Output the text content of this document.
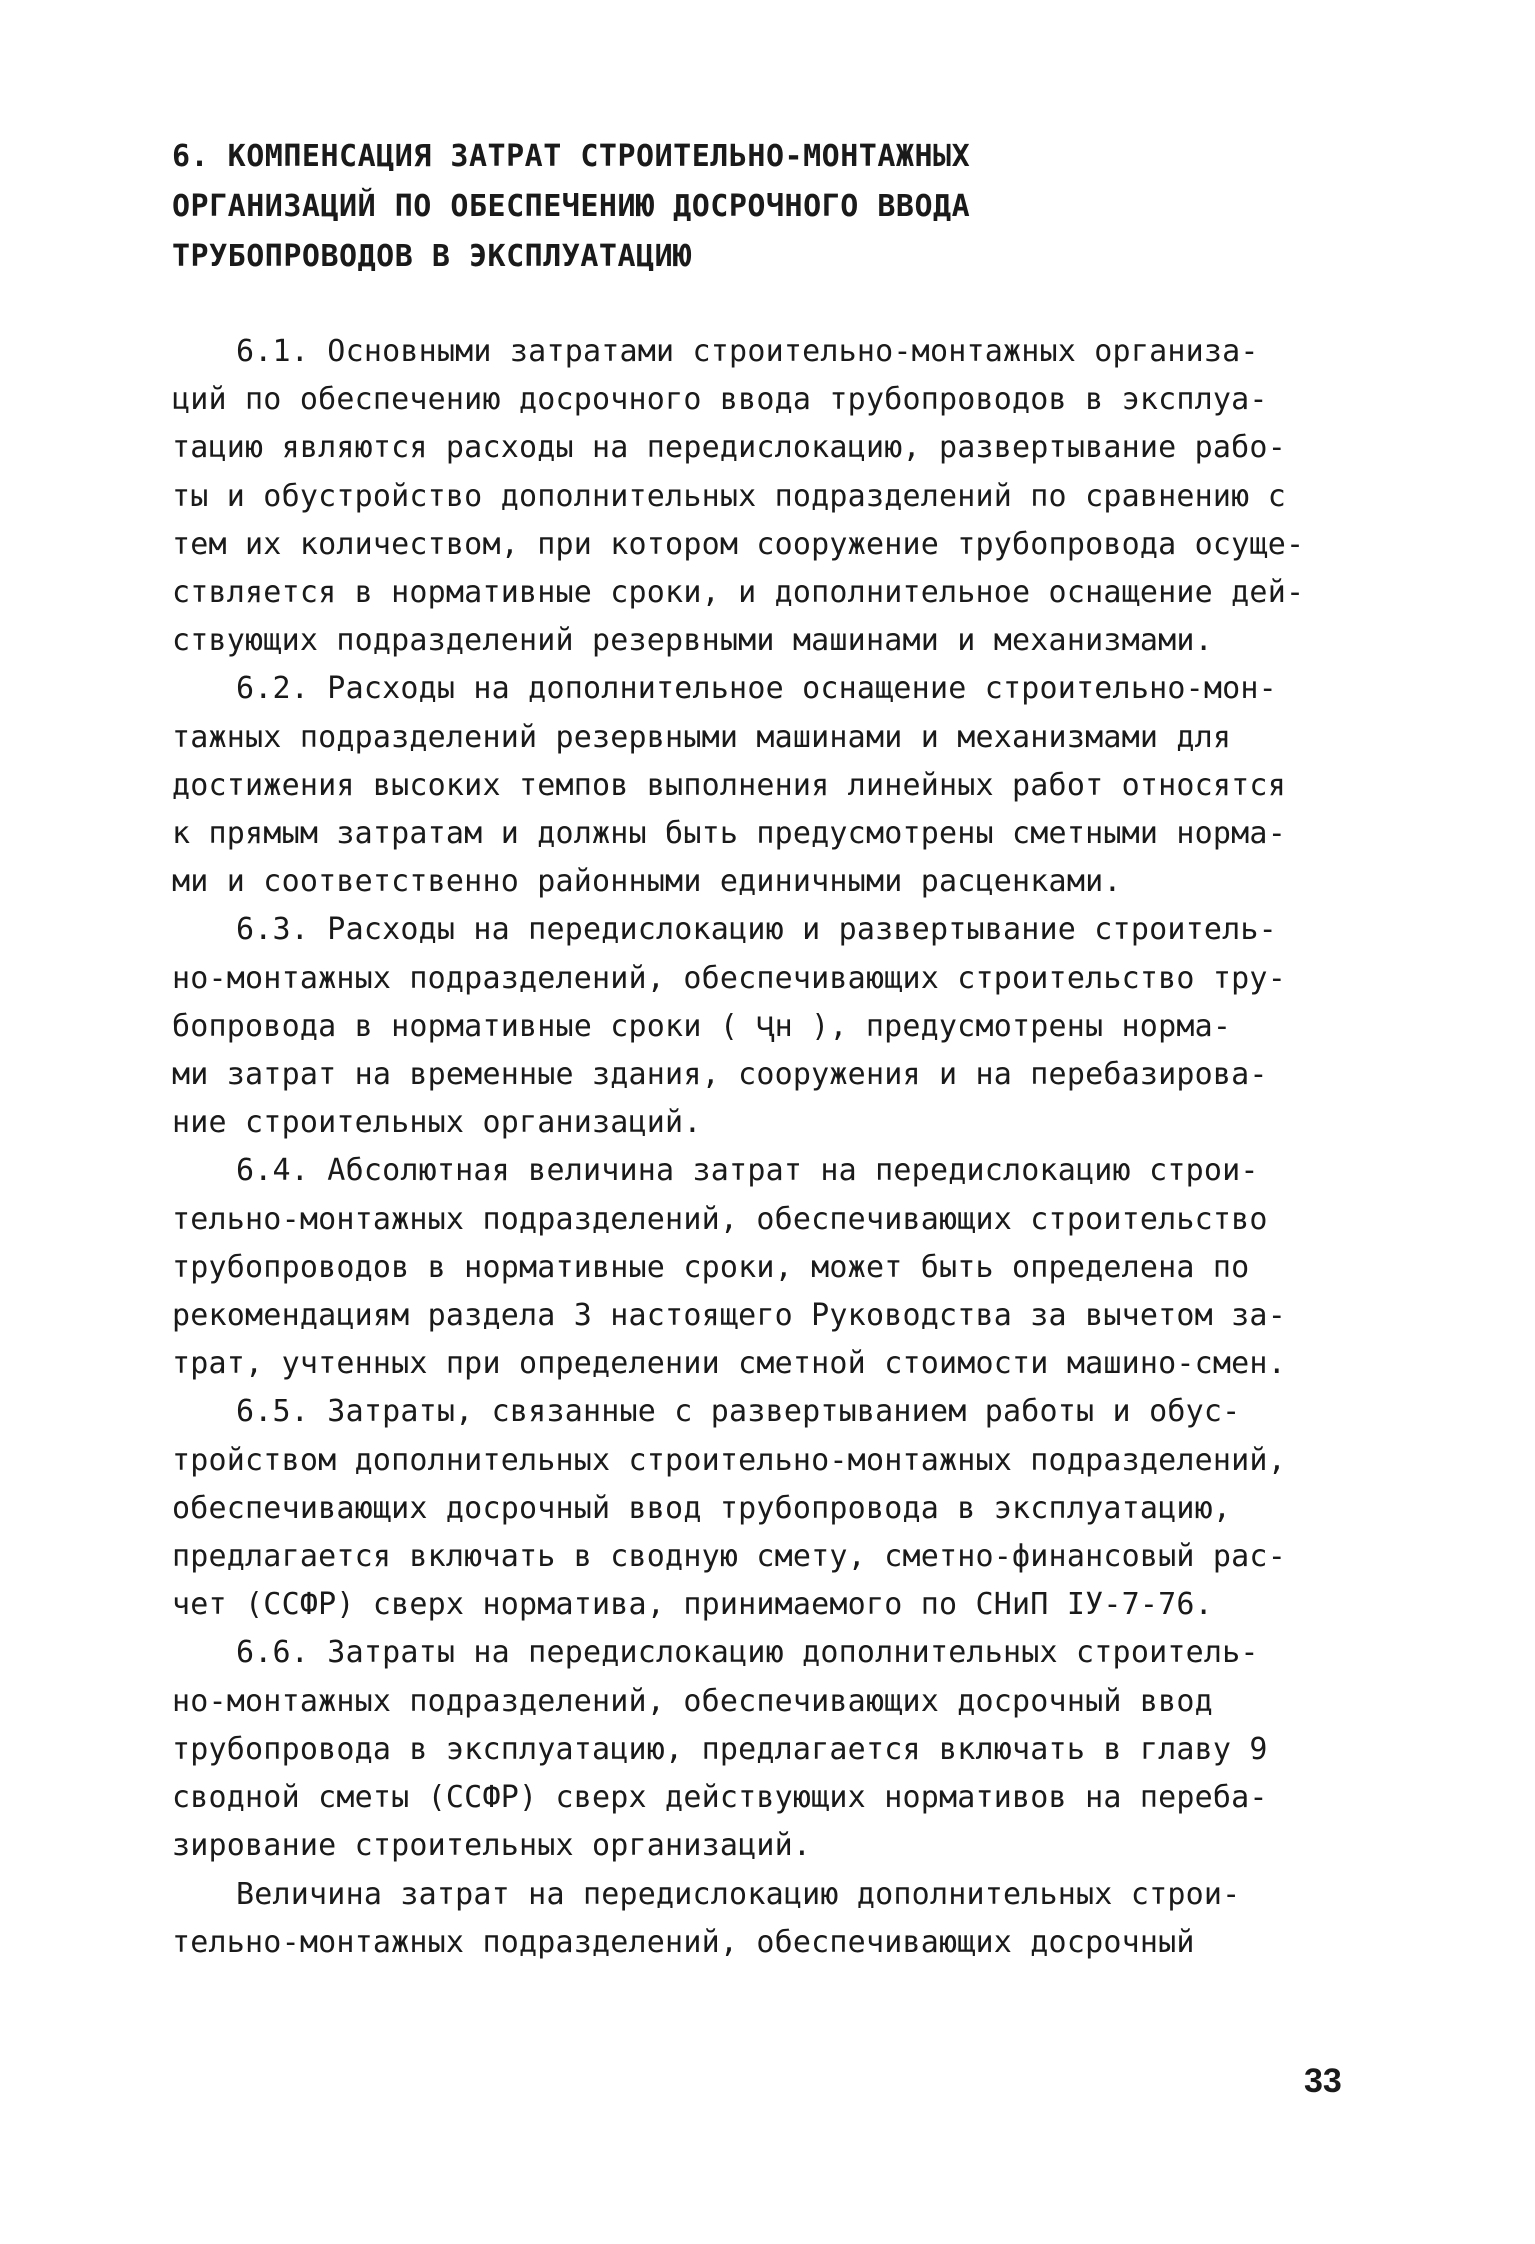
6. КОМПЕНСАЦИЯ ЗАТРАТ СТРОИТЕЛЬНО-МОНТАЖНЫХ
ОРГАНИЗАЦИЙ ПО ОБЕСПЕЧЕНИЮ ДОСРОЧНОГО ВВОДА
ТРУБОПРОВОДОВ В ЭКСПЛУАТАЦИЮ
6.1. Основными затратами строительно-монтажных организа-
ций по обеспечению досрочного ввода трубопроводов в эксплуа-
тацию являются расходы на передислокацию, развертывание рабо-
ты и обустройство дополнительных подразделений по сравнению с
тем их количеством, при котором сооружение трубопровода осуще-
ствляется в нормативные сроки, и дополнительное оснащение дей-
ствующих подразделений резервными машинами и механизмами.
6.2. Расходы на дополнительное оснащение строительно-мон-
тажных подразделений резервными машинами и механизмами для
достижения высоких темпов выполнения линейных работ относятся
к прямым затратам и должны быть предусмотрены сметными норма-
ми и соответственно районными единичными расценками.
6.3. Расходы на передислокацию и развертывание строитель-
но-монтажных подразделений, обеспечивающих строительство тру-
бопровода в нормативные сроки ( Ҷн ), предусмотрены норма-
ми затрат на временные здания, сооружения и на перебазирова-
ние строительных организаций.
6.4. Абсолютная величина затрат на передислокацию строи-
тельно-монтажных подразделений, обеспечивающих строительство
трубопроводов в нормативные сроки, может быть определена по
рекомендациям раздела 3 настоящего Руководства за вычетом за-
трат, учтенных при определении сметной стоимости машино-смен.
6.5. Затраты, связанные с развертыванием работы и обус-
тройством дополнительных строительно-монтажных подразделений,
обеспечивающих досрочный ввод трубопровода в эксплуатацию,
предлагается включать в сводную смету, сметно-финансовый рас-
чет (ССФР) сверх норматива, принимаемого по СНиП IУ-7-76.
6.6. Затраты на передислокацию дополнительных строитель-
но-монтажных подразделений, обеспечивающих досрочный ввод
трубопровода в эксплуатацию, предлагается включать в главу 9
сводной сметы (ССФР) сверх действующих нормативов на переба-
зирование строительных организаций.
Величина затрат на передислокацию дополнительных строи-
тельно-монтажных подразделений, обеспечивающих досрочный
33
